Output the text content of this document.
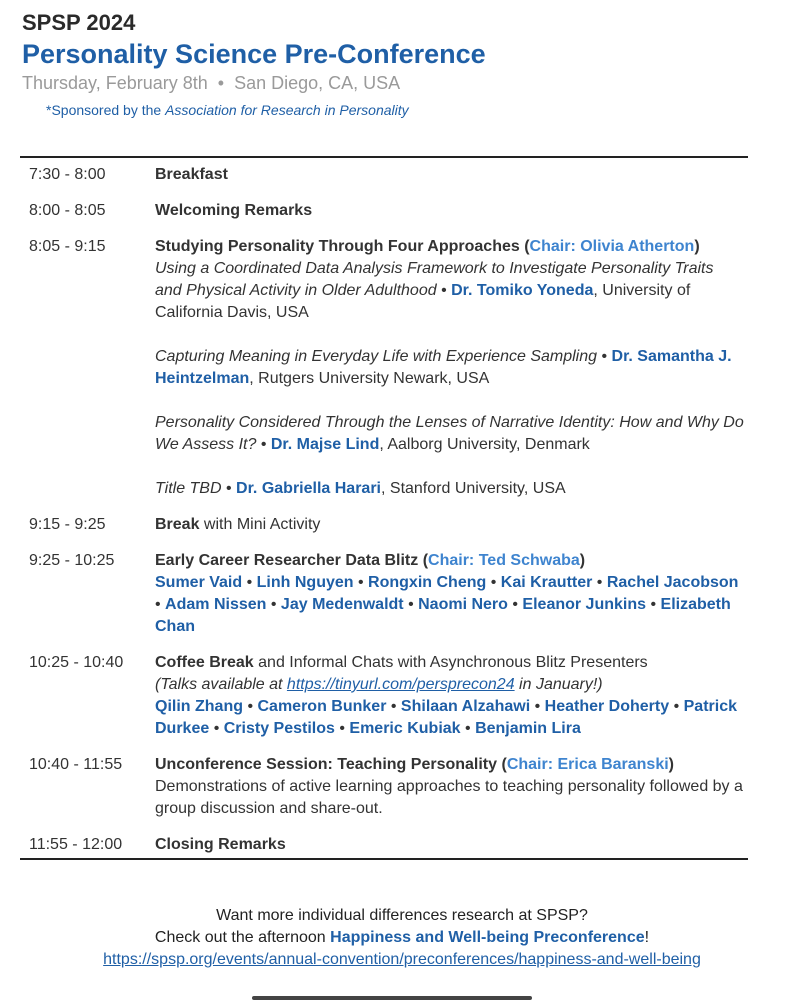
SPSP 2024
Personality Science Pre-Conference
Thursday, February 8th • San Diego, CA, USA
*Sponsored by the Association for Research in Personality
7:30 - 8:00	Breakfast
8:00 - 8:05	Welcoming Remarks
8:05 - 9:15	Studying Personality Through Four Approaches (Chair: Olivia Atherton)
Using a Coordinated Data Analysis Framework to Investigate Personality Traits and Physical Activity in Older Adulthood • Dr. Tomiko Yoneda, University of California Davis, USA
Capturing Meaning in Everyday Life with Experience Sampling • Dr. Samantha J. Heintzelman, Rutgers University Newark, USA
Personality Considered Through the Lenses of Narrative Identity: How and Why Do We Assess It? • Dr. Majse Lind, Aalborg University, Denmark
Title TBD • Dr. Gabriella Harari, Stanford University, USA
9:15 - 9:25	Break with Mini Activity
9:25 - 10:25	Early Career Researcher Data Blitz (Chair: Ted Schwaba)
Sumer Vaid • Linh Nguyen • Rongxin Cheng • Kai Krautter • Rachel Jacobson • Adam Nissen • Jay Medenwaldt • Naomi Nero • Eleanor Junkins • Elizabeth Chan
10:25 - 10:40	Coffee Break and Informal Chats with Asynchronous Blitz Presenters
(Talks available at https://tinyurl.com/persprecon24 in January!)
Qilin Zhang • Cameron Bunker • Shilaan Alzahawi • Heather Doherty • Patrick Durkee • Cristy Pestilos • Emeric Kubiak • Benjamin Lira
10:40 - 11:55	Unconference Session: Teaching Personality (Chair: Erica Baranski)
Demonstrations of active learning approaches to teaching personality followed by a group discussion and share-out.
11:55 - 12:00	Closing Remarks
Want more individual differences research at SPSP?
Check out the afternoon Happiness and Well-being Preconference!
https://spsp.org/events/annual-convention/preconferences/happiness-and-well-being
